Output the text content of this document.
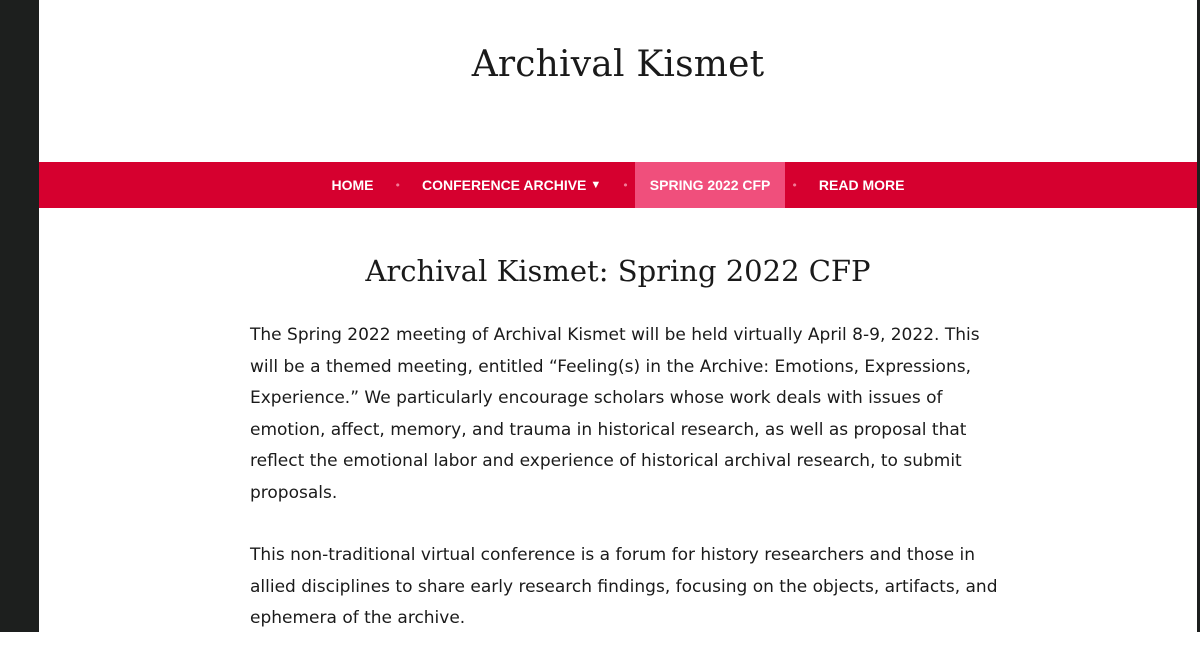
Archival Kismet
HOME	•	CONFERENCE ARCHIVE ▼	•	SPRING 2022 CFP	•	READ MORE
Archival Kismet: Spring 2022 CFP

The Spring 2022 meeting of Archival Kismet will be held virtually April 8-9, 2022. This will be a themed meeting, entitled “Feeling(s) in the Archive: Emotions, Expressions, Experience.” We particularly encourage scholars whose work deals with issues of emotion, affect, memory, and trauma in historical research, as well as proposal that reflect the emotional labor and experience of historical archival research, to submit proposals.

This non-traditional virtual conference is a forum for history researchers and those in allied disciplines to share early research findings, focusing on the objects, artifacts, and ephemera of the archive.
